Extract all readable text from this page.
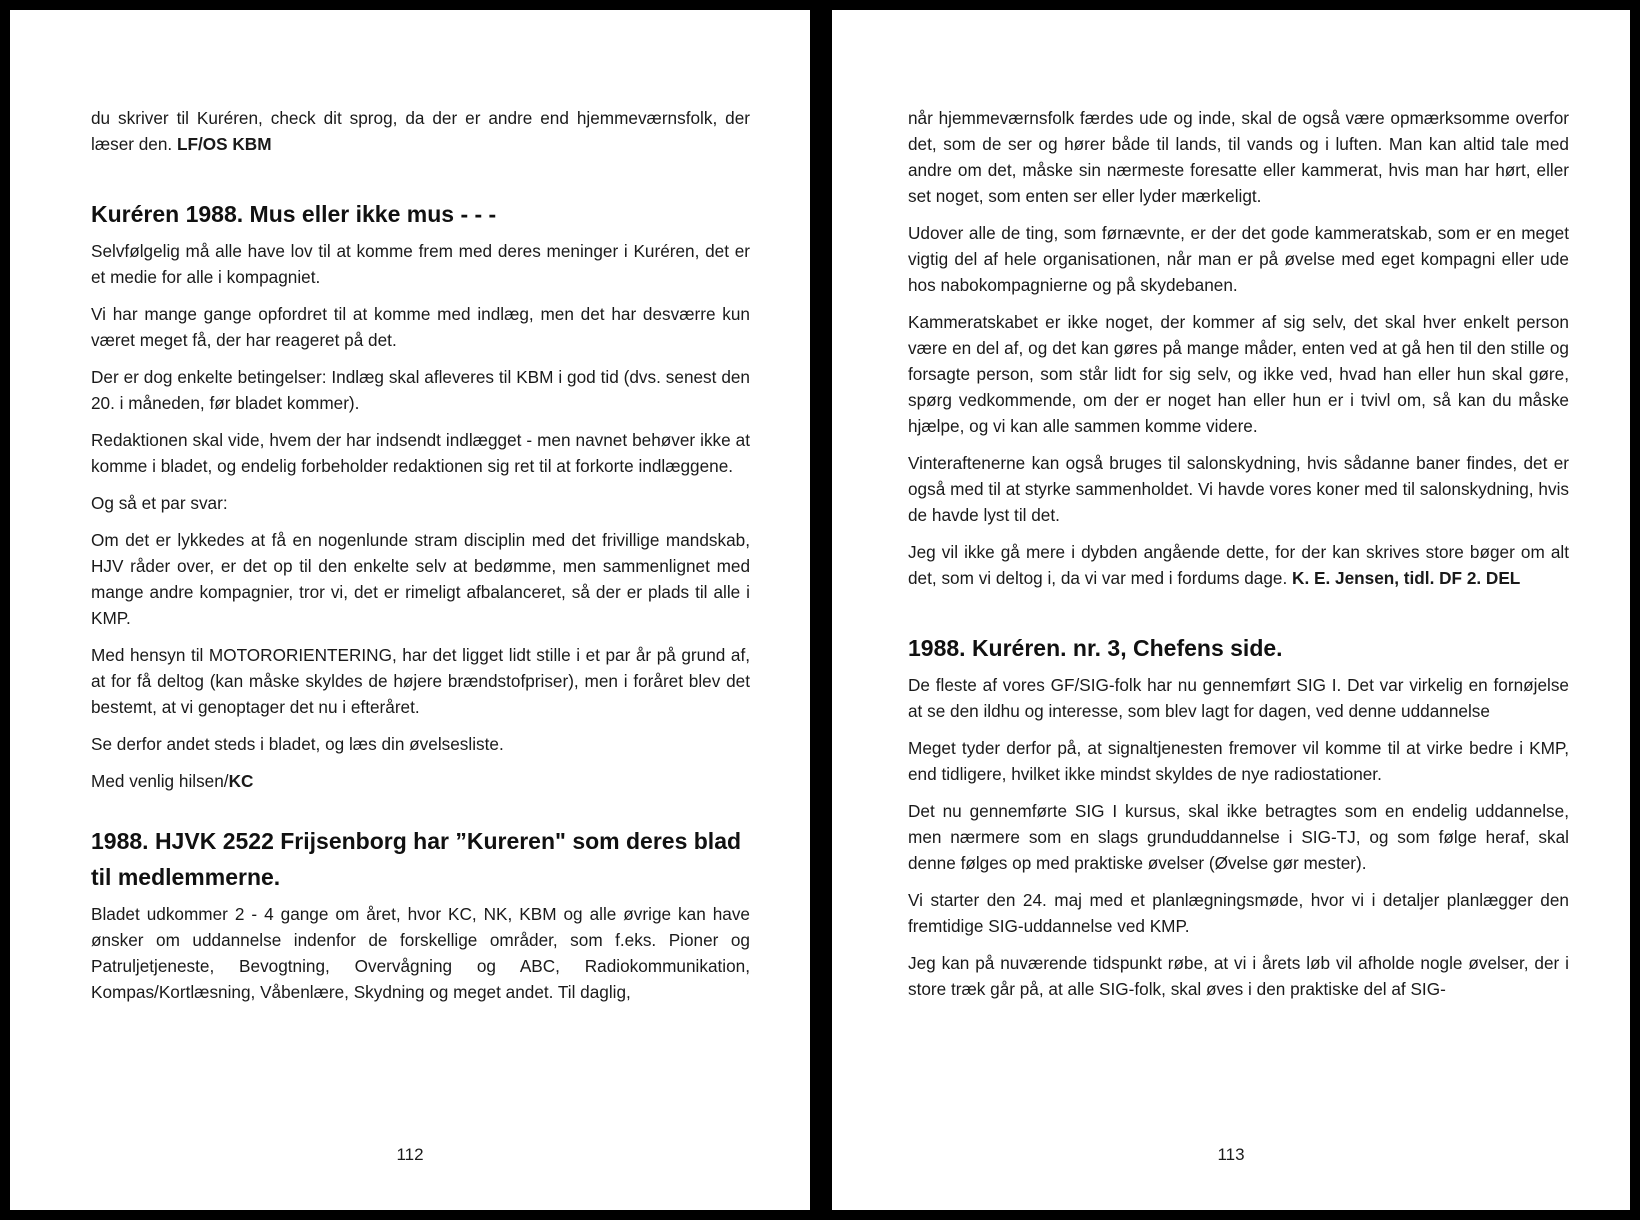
du skriver til Kuréren, check dit sprog, da der er andre end hjemmeværnsfolk, der læser den. LF/OS KBM

Kuréren 1988. Mus eller ikke mus - - -

Selvfølgelig må alle have lov til at komme frem med deres meninger i Kuréren, det er et medie for alle i kompagniet.

Vi har mange gange opfordret til at komme med indlæg, men det har desværre kun været meget få, der har reageret på det.

Der er dog enkelte betingelser: Indlæg skal afleveres til KBM i god tid (dvs. senest den 20. i måneden, før bladet kommer).

Redaktionen skal vide, hvem der har indsendt indlægget - men navnet behøver ikke at komme i bladet, og endelig forbeholder redaktionen sig ret til at forkorte indlæggene.

Og så et par svar:

Om det er lykkedes at få en nogenlunde stram disciplin med det frivillige mandskab, HJV råder over, er det op til den enkelte selv at bedømme, men sammenlignet med mange andre kompagnier, tror vi, det er rimeligt afbalanceret, så der er plads til alle i KMP.

Med hensyn til MOTORORIENTERING, har det ligget lidt stille i et par år på grund af, at for få deltog (kan måske skyldes de højere brændstofpriser), men i foråret blev det bestemt, at vi genoptager det nu i efteråret.

Se derfor andet steds i bladet, og læs din øvelsesliste.

Med venlig hilsen/KC

1988. HJVK 2522 Frijsenborg har ”Kureren" som deres blad til medlemmerne.

Bladet udkommer 2 - 4 gange om året, hvor KC, NK, KBM og alle øvrige kan have ønsker om uddannelse indenfor de forskellige områder, som f.eks. Pioner og Patruljetjeneste, Bevogtning, Overvågning og ABC, Radiokommunikation, Kompas/Kortlæsning, Våbenlære, Skydning og meget andet. Til daglig,

112

når hjemmeværnsfolk færdes ude og inde, skal de også være opmærksomme overfor det, som de ser og hører både til lands, til vands og i luften. Man kan altid tale med andre om det, måske sin nærmeste foresatte eller kammerat, hvis man har hørt, eller set noget, som enten ser eller lyder mærkeligt.

Udover alle de ting, som førnævnte, er der det gode kammeratskab, som er en meget vigtig del af hele organisationen, når man er på øvelse med eget kompagni eller ude hos nabokompagnierne og på skydebanen.

Kammeratskabet er ikke noget, der kommer af sig selv, det skal hver enkelt person være en del af, og det kan gøres på mange måder, enten ved at gå hen til den stille og forsagte person, som står lidt for sig selv, og ikke ved, hvad han eller hun skal gøre, spørg vedkommende, om der er noget han eller hun er i tvivl om, så kan du måske hjælpe, og vi kan alle sammen komme videre.

Vinteraftenerne kan også bruges til salonskydning, hvis sådanne baner findes, det er også med til at styrke sammenholdet. Vi havde vores koner med til salonskydning, hvis de havde lyst til det.

Jeg vil ikke gå mere i dybden angående dette, for der kan skrives store bøger om alt det, som vi deltog i, da vi var med i fordums dage. K. E. Jensen, tidl. DF 2. DEL

1988. Kuréren. nr. 3, Chefens side.

De fleste af vores GF/SIG-folk har nu gennemført SIG I. Det var virkelig en fornøjelse at se den ildhu og interesse, som blev lagt for dagen, ved denne uddannelse

Meget tyder derfor på, at signaltjenesten fremover vil komme til at virke bedre i KMP, end tidligere, hvilket ikke mindst skyldes de nye radiostationer.

Det nu gennemførte SIG I kursus, skal ikke betragtes som en endelig uddannelse, men nærmere som en slags grunduddannelse i SIG-TJ, og som følge heraf, skal denne følges op med praktiske øvelser (Øvelse gør mester).

Vi starter den 24. maj med et planlægningsmøde, hvor vi i detaljer planlægger den fremtidige SIG-uddannelse ved KMP.

Jeg kan på nuværende tidspunkt røbe, at vi i årets løb vil afholde nogle øvelser, der i store træk går på, at alle SIG-folk, skal øves i den praktiske del af SIG-

113
